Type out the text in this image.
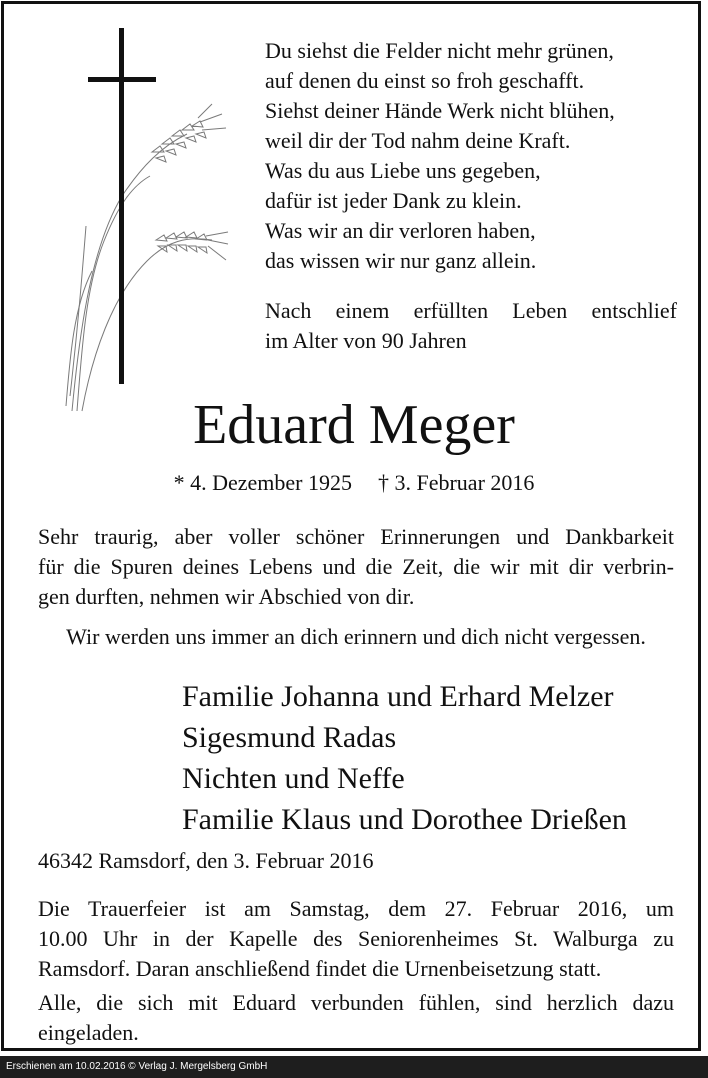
Du siehst die Felder nicht mehr grünen,
auf denen du einst so froh geschafft.
Siehst deiner Hände Werk nicht blühen,
weil dir der Tod nahm deine Kraft.
Was du aus Liebe uns gegeben,
dafür ist jeder Dank zu klein.
Was wir an dir verloren haben,
das wissen wir nur ganz allein.
Nach einem erfüllten Leben entschlief
im Alter von 90 Jahren
Eduard Meger
* 4. Dezember 1925 † 3. Februar 2016
Sehr traurig, aber voller schöner Erinnerungen und Dankbarkeit
für die Spuren deines Lebens und die Zeit, die wir mit dir verbrin-
gen durften, nehmen wir Abschied von dir.
Wir werden uns immer an dich erinnern und dich nicht vergessen.
Familie Johanna und Erhard Melzer
Sigesmund Radas
Nichten und Neffe
Familie Klaus und Dorothee Drießen
46342 Ramsdorf, den 3. Februar 2016
Die Trauerfeier ist am Samstag, dem 27. Februar 2016, um
10.00 Uhr in der Kapelle des Seniorenheimes St. Walburga zu
Ramsdorf. Daran anschließend findet die Urnenbeisetzung statt.
Alle, die sich mit Eduard verbunden fühlen, sind herzlich dazu
eingeladen.
Erschienen am 10.02.2016 © Verlag J. Mergelsberg GmbH
